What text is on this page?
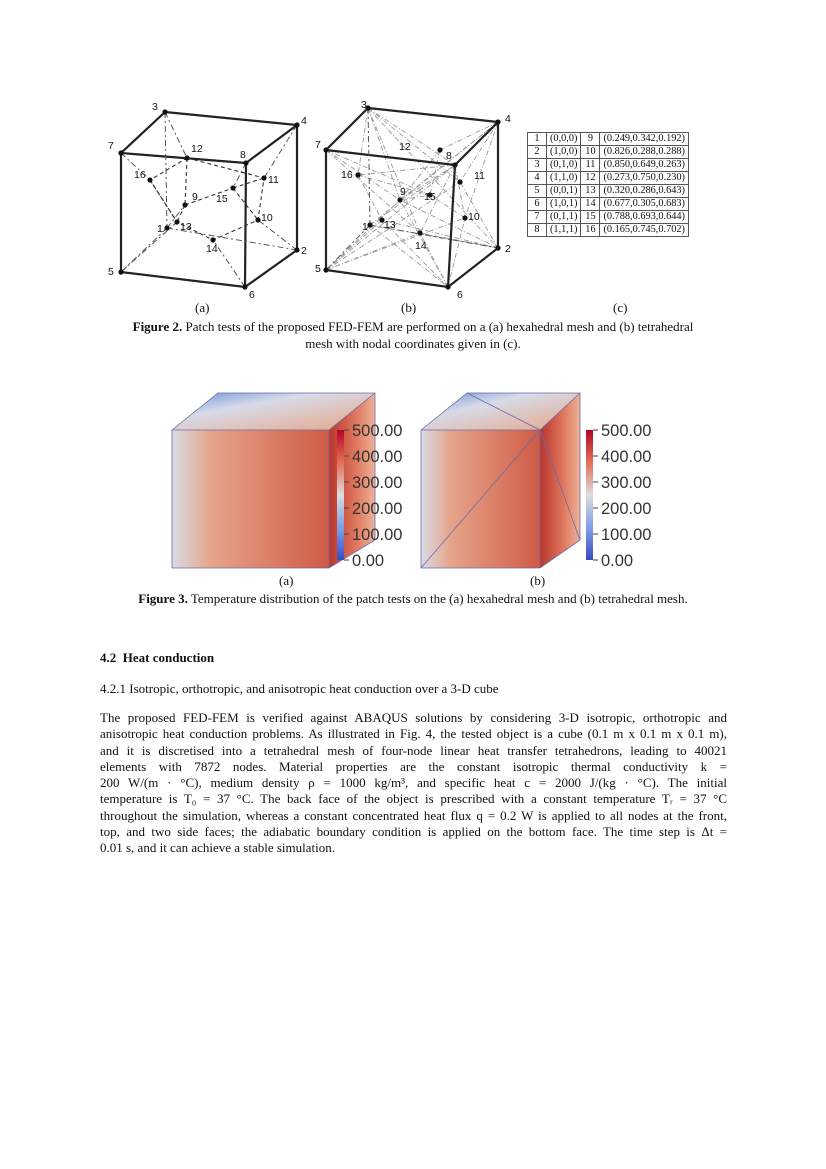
1
2
3
4
5
6
7
8
9
10
11
12
13
14
15
16
1
2
3
4
5
6
7
8
9
10
11
12
13
14
15
16
1	(0,0,0)	9	(0.249,0.342,0.192)
2	(1,0,0)	10	(0.826,0.288,0.288)
3	(0,1,0)	11	(0.850,0.649,0.263)
4	(1,1,0)	12	(0.273,0.750,0.230)
5	(0,0,1)	13	(0.320,0.286,0.643)
6	(1,0,1)	14	(0.677,0.305,0.683)
7	(0,1,1)	15	(0.788,0.693,0.644)
8	(1,1,1)	16	(0.165,0.745,0.702)
(a)	(b)	(c)
Figure 2. Patch tests of the proposed FED-FEM are performed on a (a) hexahedral mesh and (b) tetrahedral
mesh with nodal coordinates given in (c).
500.00
400.00
300.00
200.00
100.00
0.00
500.00
400.00
300.00
200.00
100.00
0.00
(a)	(b)
Figure 3. Temperature distribution of the patch tests on the (a) hexahedral mesh and (b) tetrahedral mesh.
4.2  Heat conduction
4.2.1 Isotropic, orthotropic, and anisotropic heat conduction over a 3-D cube
The proposed FED-FEM is verified against ABAQUS solutions by considering 3-D isotropic, orthotropic and
anisotropic heat conduction problems. As illustrated in Fig. 4, the tested object is a cube (0.1 m x 0.1 m x 0.1 m),
and it is discretised into a tetrahedral mesh of four-node linear heat transfer tetrahedrons, leading to 40021
elements with 7872 nodes. Material properties are the constant isotropic thermal conductivity k =
200 W/(m · °C), medium density ρ = 1000 kg/m³, and specific heat c = 2000 J/(kg · °C). The initial
temperature is T₀ = 37 °C. The back face of the object is prescribed with a constant temperature Tᵣ = 37 °C
throughout the simulation, whereas a constant concentrated heat flux q = 0.2 W is applied to all nodes at the front,
top, and two side faces; the adiabatic boundary condition is applied on the bottom face. The time step is Δt =
0.01 s, and it can achieve a stable simulation.
